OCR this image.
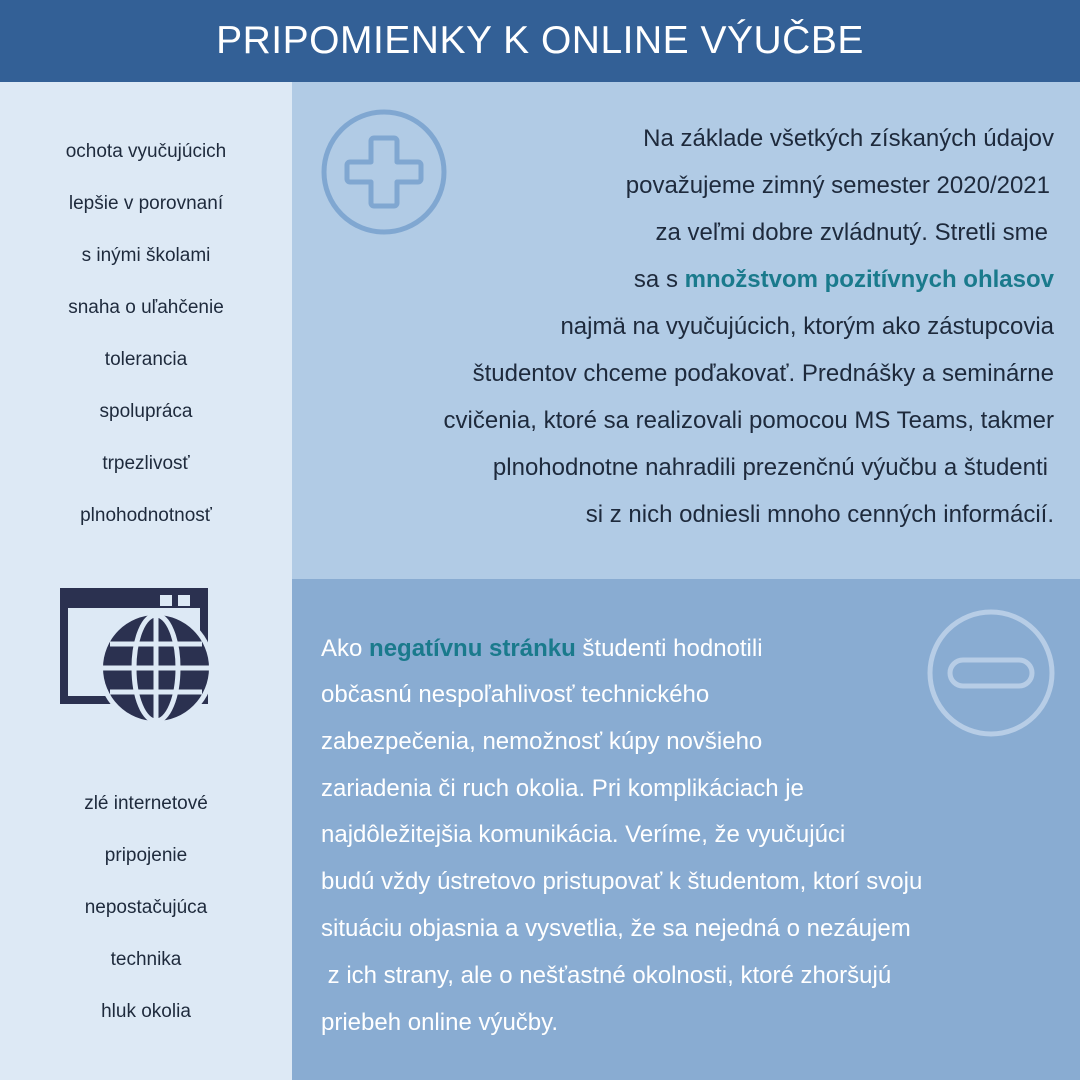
PRIPOMIENKY K ONLINE VÝUČBE
ochota vyučujúcich
lepšie v porovnaní
s inými školami
snaha o uľahčenie
tolerancia
spolupráca
trpezlivosť
plnohodnotnosť
zlé internetové
pripojenie
nepostačujúca
technika
hluk okolia
Na základe všetkých získaných údajov
považujeme zimný semester 2020/2021
za veľmi dobre zvládnutý. Stretli sme
sa s množstvom pozitívnych ohlasov
najmä na vyučujúcich, ktorým ako zástupcovia
študentov chceme poďakovať. Prednášky a seminárne
cvičenia, ktoré sa realizovali pomocou MS Teams, takmer
plnohodnotne nahradili prezenčnú výučbu a študenti
si z nich odniesli mnoho cenných informácií.
Ako negatívnu stránku študenti hodnotili
občasnú nespoľahlivosť technického
zabezpečenia, nemožnosť kúpy novšieho
zariadenia či ruch okolia. Pri komplikáciach je
najdôležitejšia komunikácia. Veríme, že vyučujúci
budú vždy ústretovo pristupovať k študentom, ktorí svoju
situáciu objasnia a vysvetlia, že sa nejedná o nezáujem
z ich strany, ale o nešťastné okolnosti, ktoré zhoršujú
priebeh online výučby.
